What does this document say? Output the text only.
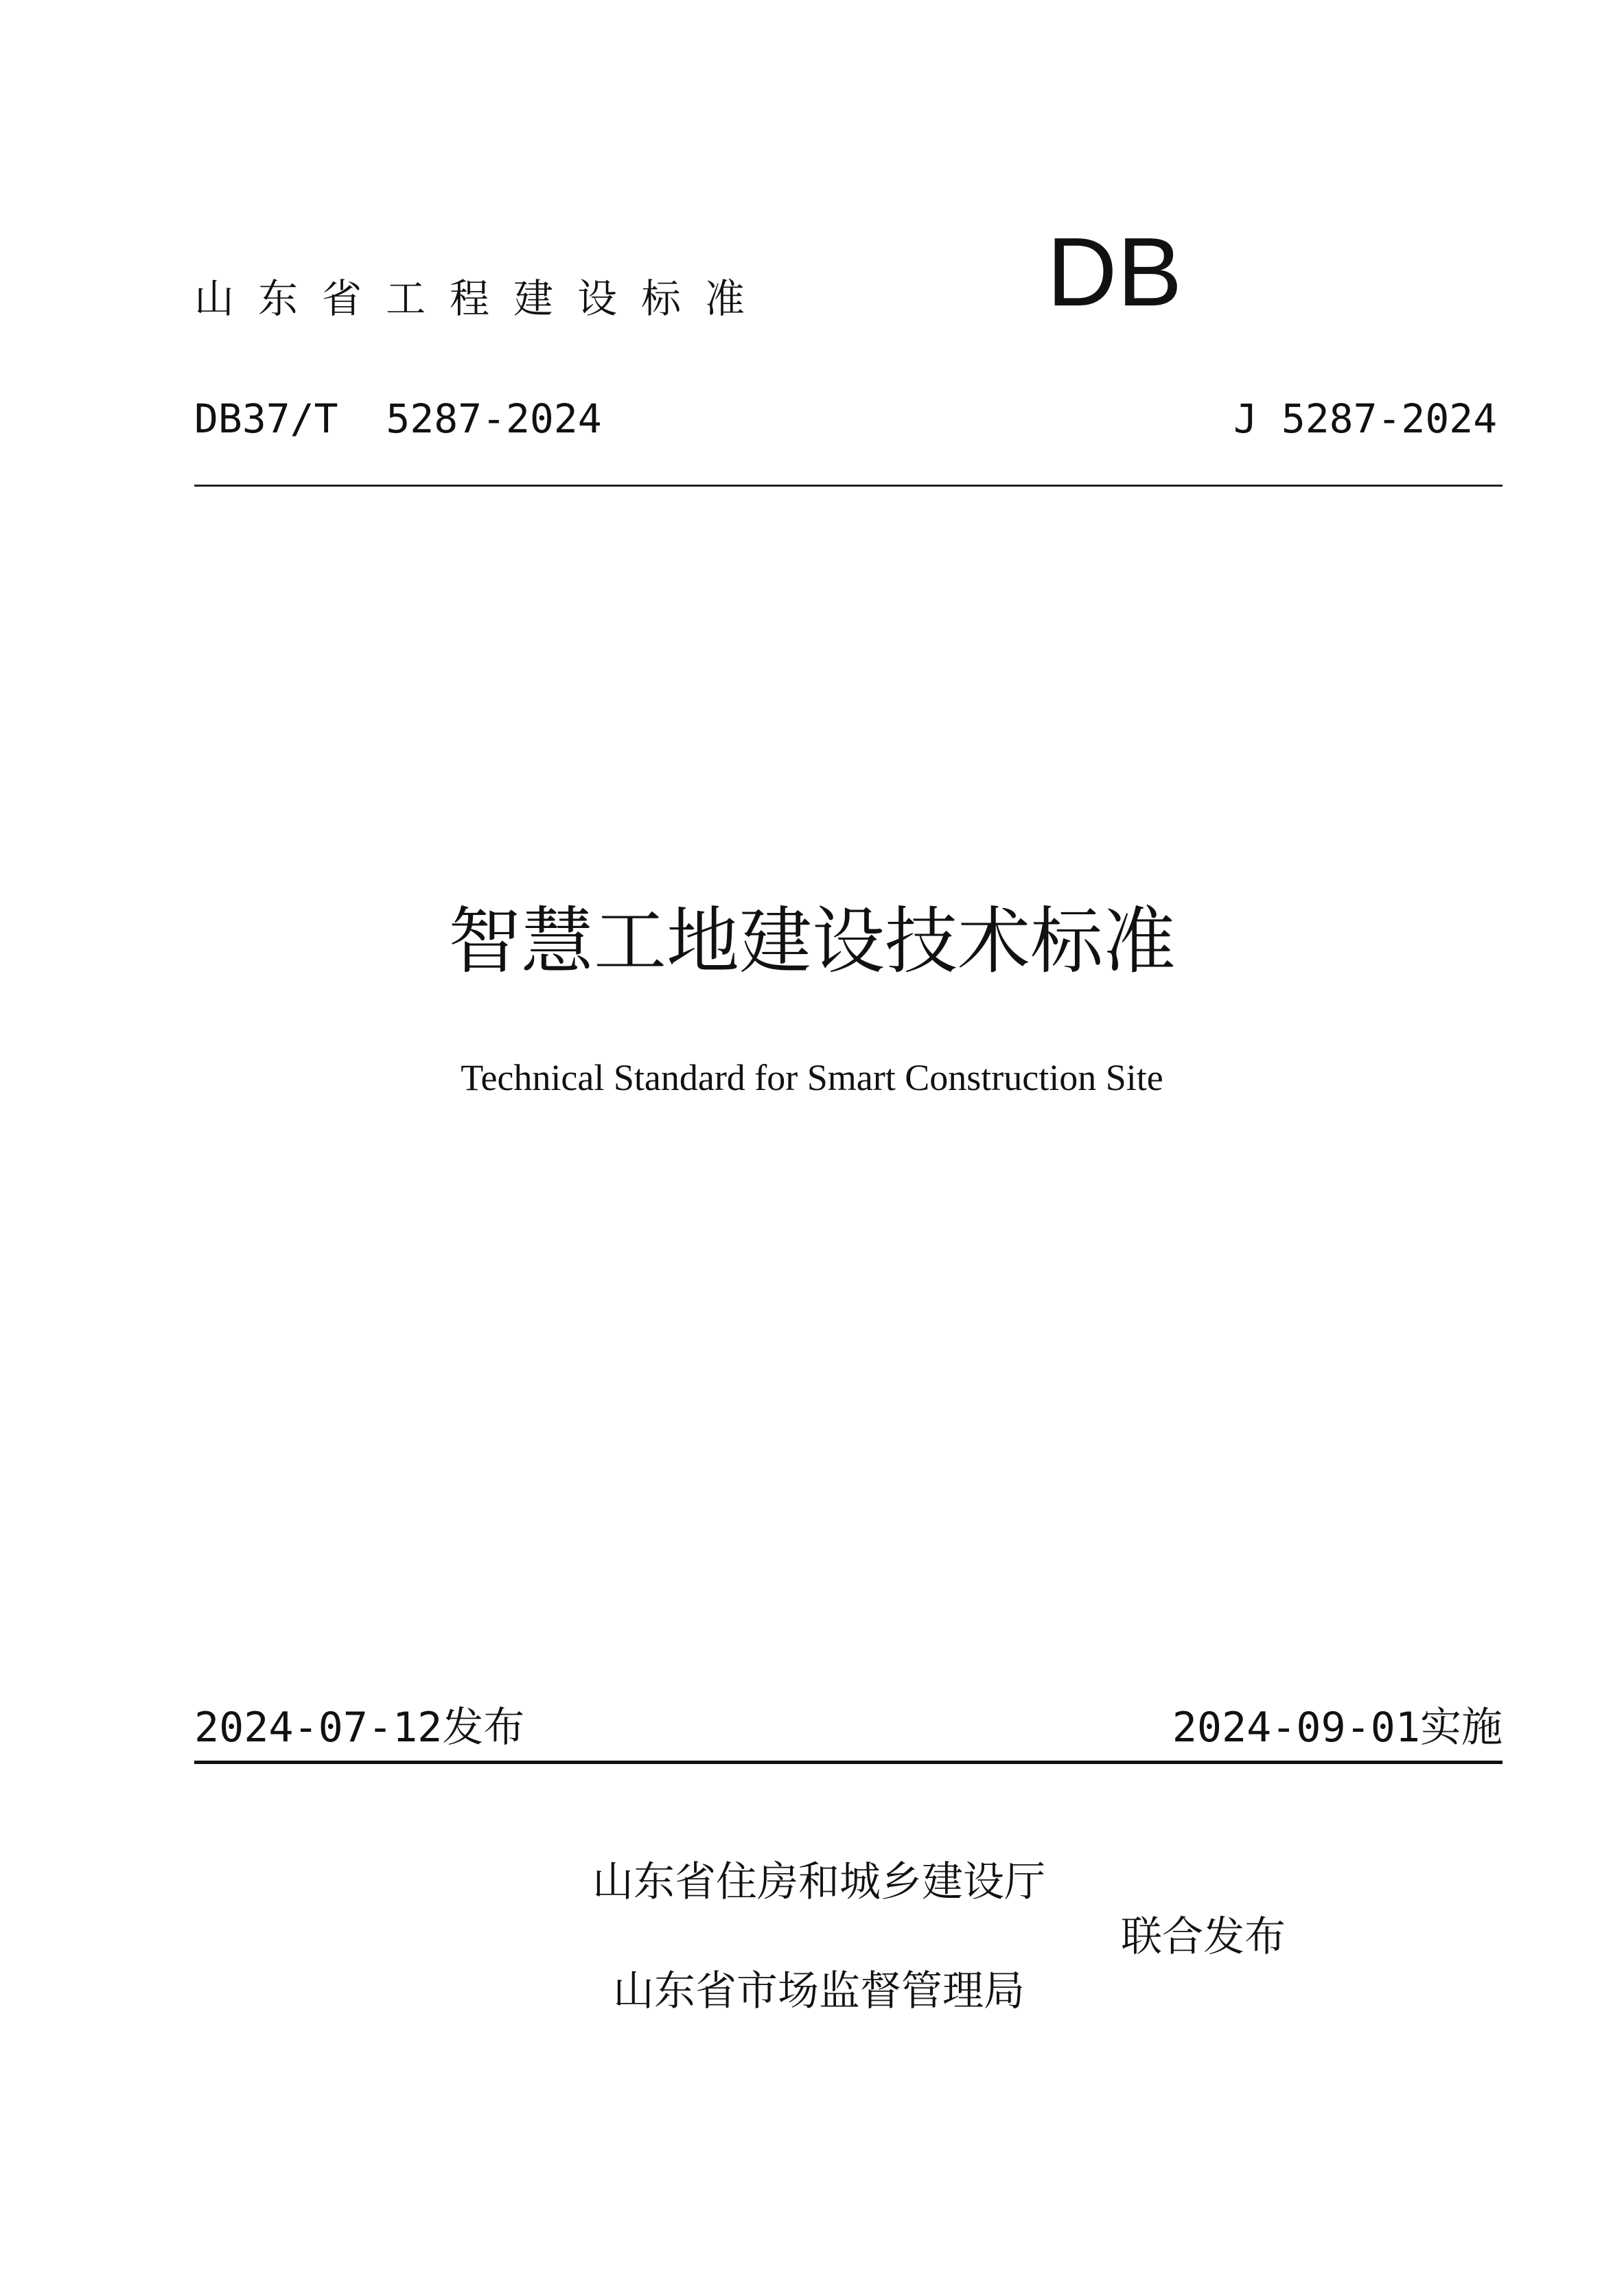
山东省工程建设标准	DB
DB37/T  5287-2024	J 5287-2024
智慧工地建设技术标准
Technical Standard for Smart Construction Site
2024-07-12发布	2024-09-01实施
山东省住房和城乡建设厅
联合发布
山东省市场监督管理局
